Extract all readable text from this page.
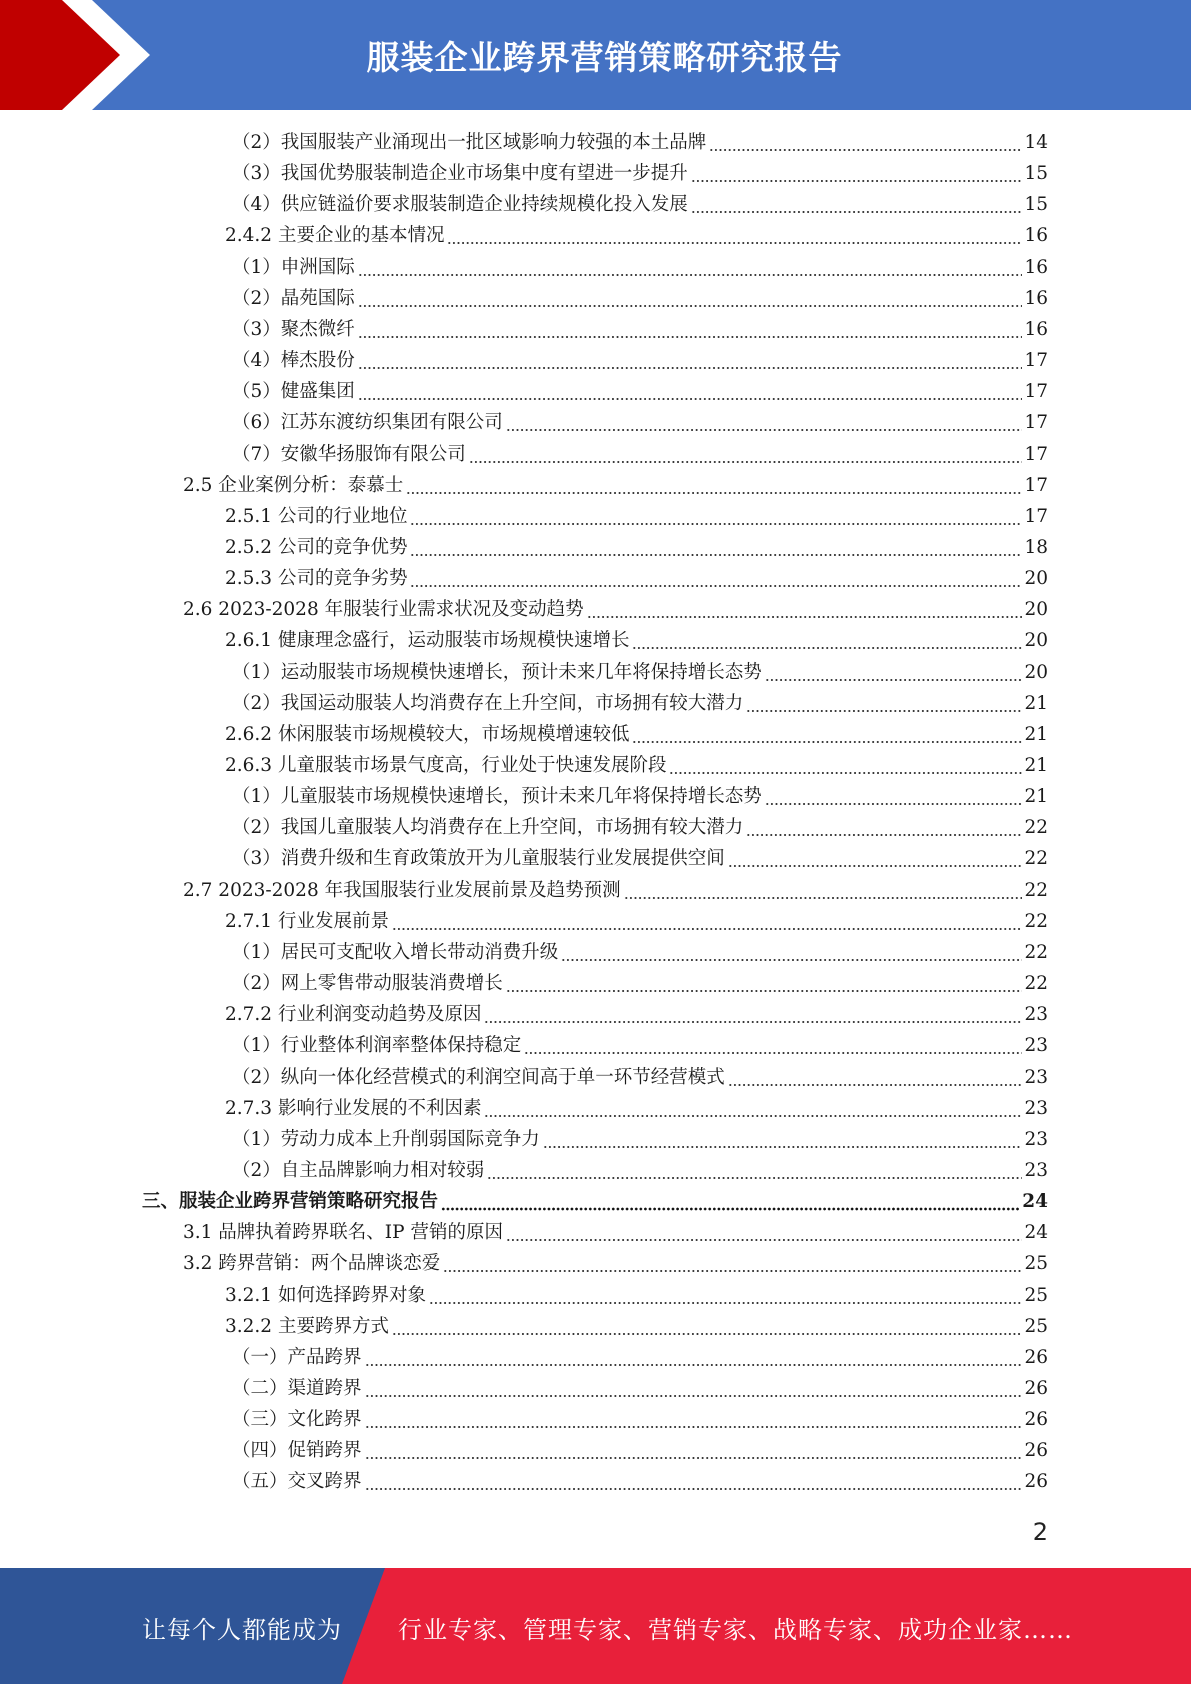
服装企业跨界营销策略研究报告
（2）我国服装产业涌现出一批区域影响力较强的本土品牌	14
（3）我国优势服装制造企业市场集中度有望进一步提升	15
（4）供应链溢价要求服装制造企业持续规模化投入发展	15
2.4.2 主要企业的基本情况	16
（1）申洲国际	16
（2）晶苑国际	16
（3）聚杰微纤	16
（4）棒杰股份	17
（5）健盛集团	17
（6）江苏东渡纺织集团有限公司	17
（7）安徽华扬服饰有限公司	17
2.5 企业案例分析：泰慕士	17
2.5.1 公司的行业地位	17
2.5.2 公司的竞争优势	18
2.5.3 公司的竞争劣势	20
2.6 2023-2028 年服装行业需求状况及变动趋势	20
2.6.1 健康理念盛行，运动服装市场规模快速增长	20
（1）运动服装市场规模快速增长，预计未来几年将保持增长态势	20
（2）我国运动服装人均消费存在上升空间，市场拥有较大潜力	21
2.6.2 休闲服装市场规模较大，市场规模增速较低	21
2.6.3 儿童服装市场景气度高，行业处于快速发展阶段	21
（1）儿童服装市场规模快速增长，预计未来几年将保持增长态势	21
（2）我国儿童服装人均消费存在上升空间，市场拥有较大潜力	22
（3）消费升级和生育政策放开为儿童服装行业发展提供空间	22
2.7 2023-2028 年我国服装行业发展前景及趋势预测	22
2.7.1 行业发展前景	22
（1）居民可支配收入增长带动消费升级	22
（2）网上零售带动服装消费增长	22
2.7.2 行业利润变动趋势及原因	23
（1）行业整体利润率整体保持稳定	23
（2）纵向一体化经营模式的利润空间高于单一环节经营模式	23
2.7.3 影响行业发展的不利因素	23
（1）劳动力成本上升削弱国际竞争力	23
（2）自主品牌影响力相对较弱	23
三、服装企业跨界营销策略研究报告	24
3.1 品牌执着跨界联名、IP 营销的原因	24
3.2 跨界营销：两个品牌谈恋爱	25
3.2.1 如何选择跨界对象	25
3.2.2 主要跨界方式	25
（一）产品跨界	26
（二）渠道跨界	26
（三）文化跨界	26
（四）促销跨界	26
（五）交叉跨界	26
2
让每个人都能成为 行业专家、管理专家、营销专家、战略专家、成功企业家……
